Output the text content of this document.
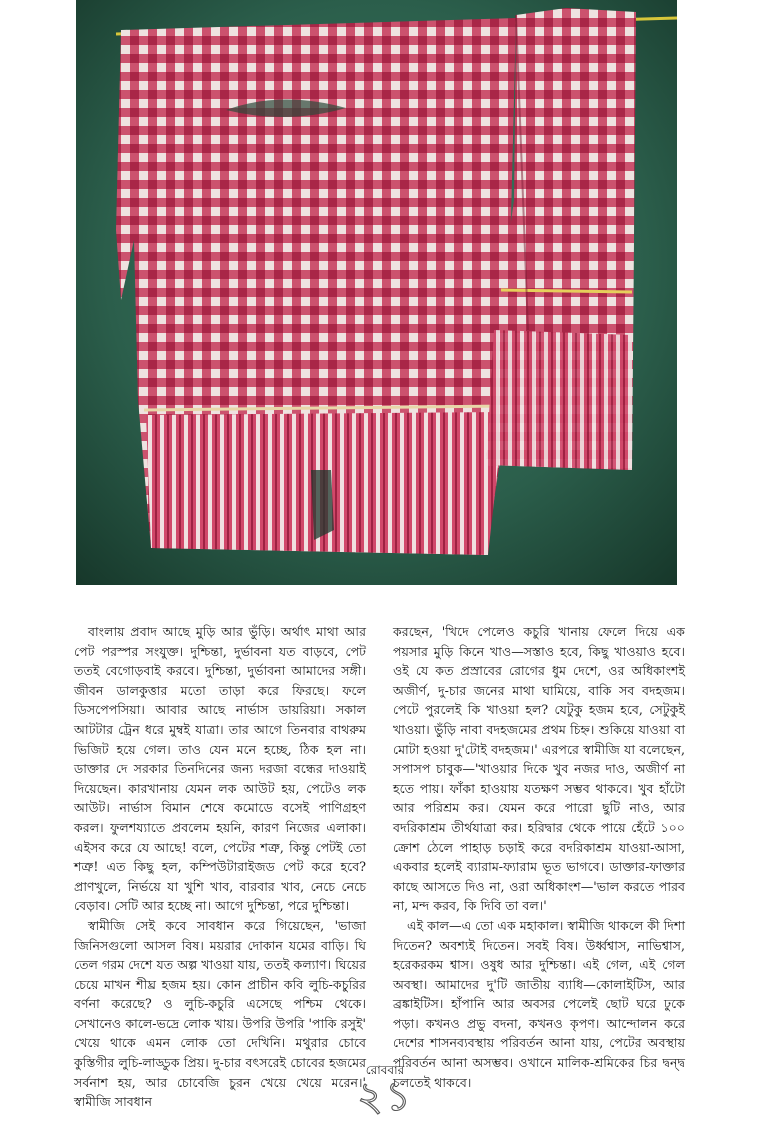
বাংলায় প্রবাদ আছে মুড়ি আর ভুঁড়ি। অর্থাৎ মাথা আর পেট পরস্পর সংযুক্ত। দুশ্চিন্তা, দুর্ভাবনা যত বাড়বে, পেট ততই বেগোড়বাই করবে। দুশ্চিন্তা, দুর্ভাবনা আমাদের সঙ্গী। জীবন ডালকুত্তার মতো তাড়া করে ফিরছে। ফলে ডিসপেপসিয়া। আবার আছে নার্ভাস ডায়রিয়া। সকাল আটটার ট্রেন ধরে মুম্বই যাত্রা। তার আগে তিনবার বাথরুম ভিজিট হয়ে গেল। তাও যেন মনে হচ্ছে, ঠিক হল না। ডাক্তার দে সরকার তিনদিনের জন্য দরজা বন্ধের দাওয়াই দিয়েছেন। কারখানায় যেমন লক আউট হয়, পেটেও লক আউট। নার্ভাস বিমান শেষে কমোডে বসেই পাণিগ্রহণ করল। ফুলশয্যাতে প্রবলেম হয়নি, কারণ নিজের এলাকা। এইসব করে যে আছে! বলে, পেটের শত্রু, কিন্তু পেটই তো শত্রু! এত কিছু হল, কম্পিউটারাইজড পেট করে হবে? প্রাণখুলে, নির্ভয়ে যা খুশি খাব, বারবার খাব, নেচে নেচে বেড়াব। সেটি আর হচ্ছে না। আগে দুশ্চিন্তা, পরে দুশ্চিন্তা।

স্বামীজি সেই কবে সাবধান করে গিয়েছেন, 'ভাজা জিনিসগুলো আসল বিষ। ময়রার দোকান যমের বাড়ি। ঘি তেল গরম দেশে যত অল্প খাওয়া যায়, ততই কল্যাণ। ঘিয়ের চেয়ে মাখন শীঘ্র হজম হয়। কোন প্রাচীন কবি লুচি-কচুরির বর্ণনা করেছে? ও লুচি-কচুরি এসেছে পশ্চিম থেকে। সেখানেও কালে-ভদ্রে লোক খায়। উপরি উপরি 'পাকি রসুই' খেয়ে থাকে এমন লোক তো দেখিনি। মথুরার চোবে কুস্তিগীর লুচি-লাড্ডুক প্রিয়। দু-চার বৎসরেই চোবের হজমের সর্বনাশ হয়, আর চোবেজি চুরন খেয়ে খেয়ে মরেন।' স্বামীজি সাবধান

করছেন, 'খিদে পেলেও কচুরি খানায় ফেলে দিয়ে এক পয়সার মুড়ি কিনে খাও—সস্তাও হবে, কিছু খাওয়াও হবে। ওই যে কত প্রস্রাবের রোগের ধুম দেশে, ওর অধিকাংশই অজীর্ণ, দু-চার জনের মাথা ঘামিয়ে, বাকি সব বদহজম। পেটে পুরলেই কি খাওয়া হল? যেটুকু হজম হবে, সেটুকুই খাওয়া। ভুঁড়ি নাবা বদহজমের প্রথম চিহ্ন। শুকিয়ে যাওয়া বা মোটা হওয়া দু'টোই বদহজম।' এরপরে স্বামীজি যা বলেছেন, সপাসপ চাবুক—'খাওয়ার দিকে খুব নজর দাও, অজীর্ণ না হতে পায়। ফাঁকা হাওয়ায় যতক্ষণ সম্ভব থাকবে। খুব হাঁটো আর পরিশ্রম কর। যেমন করে পারো ছুটি নাও, আর বদরিকাশ্রম তীর্থযাত্রা কর। হরিদ্বার থেকে পায়ে হেঁটে ১০০ ক্রোশ ঠেলে পাহাড় চড়াই করে বদরিকাশ্রম যাওয়া-আসা, একবার হলেই ব্যারাম-ফ্যারাম ভূত ভাগবে। ডাক্তার-ফাক্তার কাছে আসতে দিও না, ওরা অধিকাংশ—'ভাল করতে পারব না, মন্দ করব, কি দিবি তা বল।'

এই কাল—এ তো এক মহাকাল। স্বামীজি থাকলে কী দিশা দিতেন? অবশ্যই দিতেন। সবই বিষ। উর্ধ্বশ্বাস, নাভিশ্বাস, হরেকরকম শ্বাস। ওষুধ আর দুশ্চিন্তা। এই গেল, এই গেল অবস্থা। আমাদের দু'টি জাতীয় ব্যাধি—কোলাইটিস, আর ব্রঙ্কাইটিস। হাঁপানি আর অবসর পেলেই ছোট ঘরে ঢুকে পড়া। কখনও প্রভু বদনা, কখনও কৃপণ। আন্দোলন করে দেশের শাসনব্যবস্থায় পরিবর্তন আনা যায়, পেটের অবস্থায় পরিবর্তন আনা অসম্ভব। ওখানে মালিক-শ্রমিকের চির দ্বন্দ্ব চলতেই থাকবে।

রোববার
২১
